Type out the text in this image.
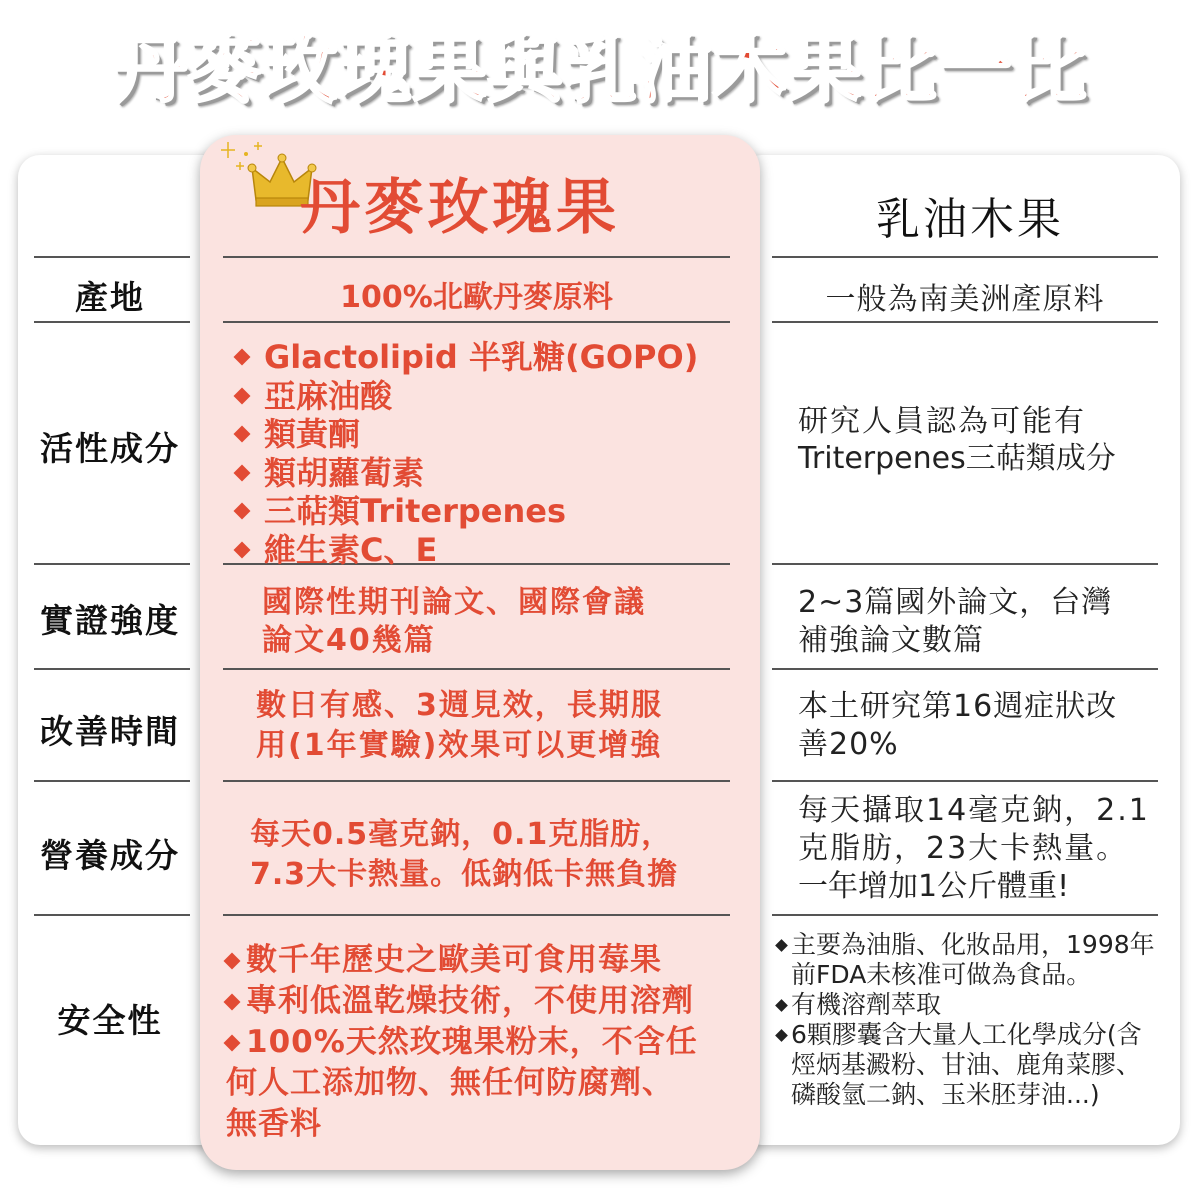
丹麥玫瑰果與乳油木果比一比
丹麥玫瑰果	乳油木果
產地
活性成分
實證強度
改善時間
營養成分
安全性
100%北歐丹麥原料	一般為南美洲產原料
Glactolipid 半乳糖(GOPO)
亞麻油酸
類黃酮
類胡蘿蔔素
三萜類Triterpenes
維生素C、E
研究人員認為可能有
Triterpenes三萜類成分
國際性期刊論文、國際會議
論文40幾篇
2~3篇國外論文，台灣
補強論文數篇
數日有感、3週見效，長期服
用(1年實驗)效果可以更增強
本土研究第16週症狀改
善20%
每天0.5毫克鈉，0.1克脂肪，
7.3大卡熱量。低鈉低卡無負擔
每天攝取14毫克鈉，2.1
克脂肪，23大卡熱量。
一年增加1公斤體重!
數千年歷史之歐美可食用莓果
專利低溫乾燥技術，不使用溶劑
100%天然玫瑰果粉末，不含任
何人工添加物、無任何防腐劑、
無香料
主要為油脂、化妝品用，1998年
前FDA未核准可做為食品。
有機溶劑萃取
6顆膠囊含大量人工化學成分(含
烴炳基澱粉、甘油、鹿角菜膠、
磷酸氫二鈉、玉米胚芽油...)
